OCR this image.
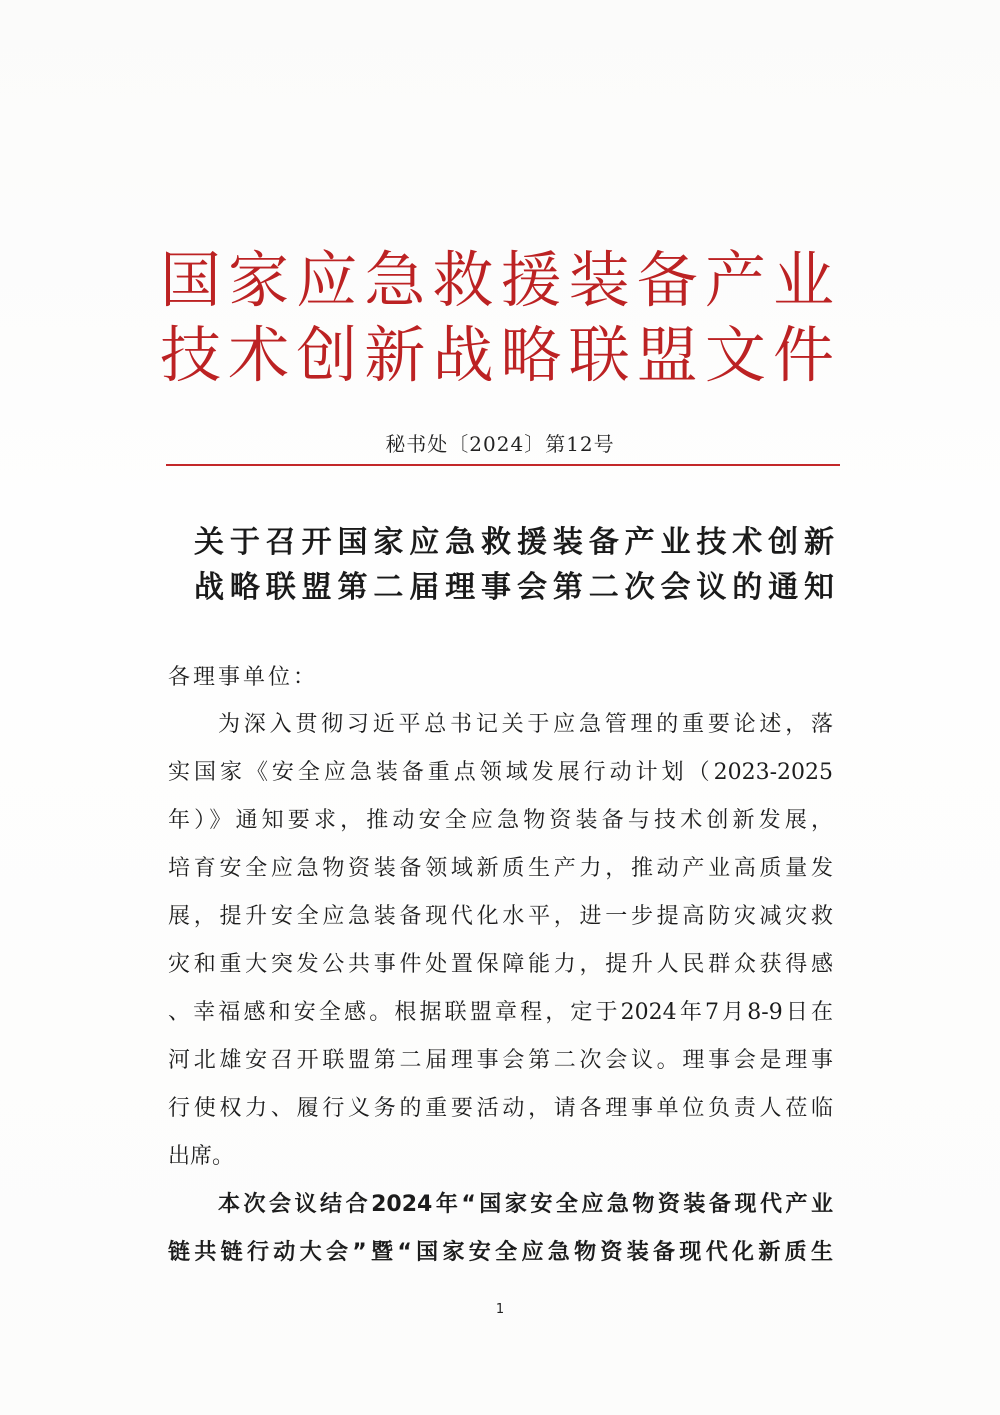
国家应急救援装备产业
技术创新战略联盟文件
秘书处〔2024〕第12号
关于召开国家应急救援装备产业技术创新
战略联盟第二届理事会第二次会议的通知
各理事单位：
为深入贯彻习近平总书记关于应急管理的重要论述，落
实国家《安全应急装备重点领域发展行动计划（2023-2025
年）》通知要求，推动安全应急物资装备与技术创新发展，
培育安全应急物资装备领域新质生产力，推动产业高质量发
展，提升安全应急装备现代化水平，进一步提高防灾减灾救
灾和重大突发公共事件处置保障能力，提升人民群众获得感
、幸福感和安全感。根据联盟章程，定于2024年7月8-9日在
河北雄安召开联盟第二届理事会第二次会议。理事会是理事
行使权力、履行义务的重要活动，请各理事单位负责人莅临
出席。
本次会议结合2024年“国家安全应急物资装备现代产业
链共链行动大会”暨“国家安全应急物资装备现代化新质生
1
